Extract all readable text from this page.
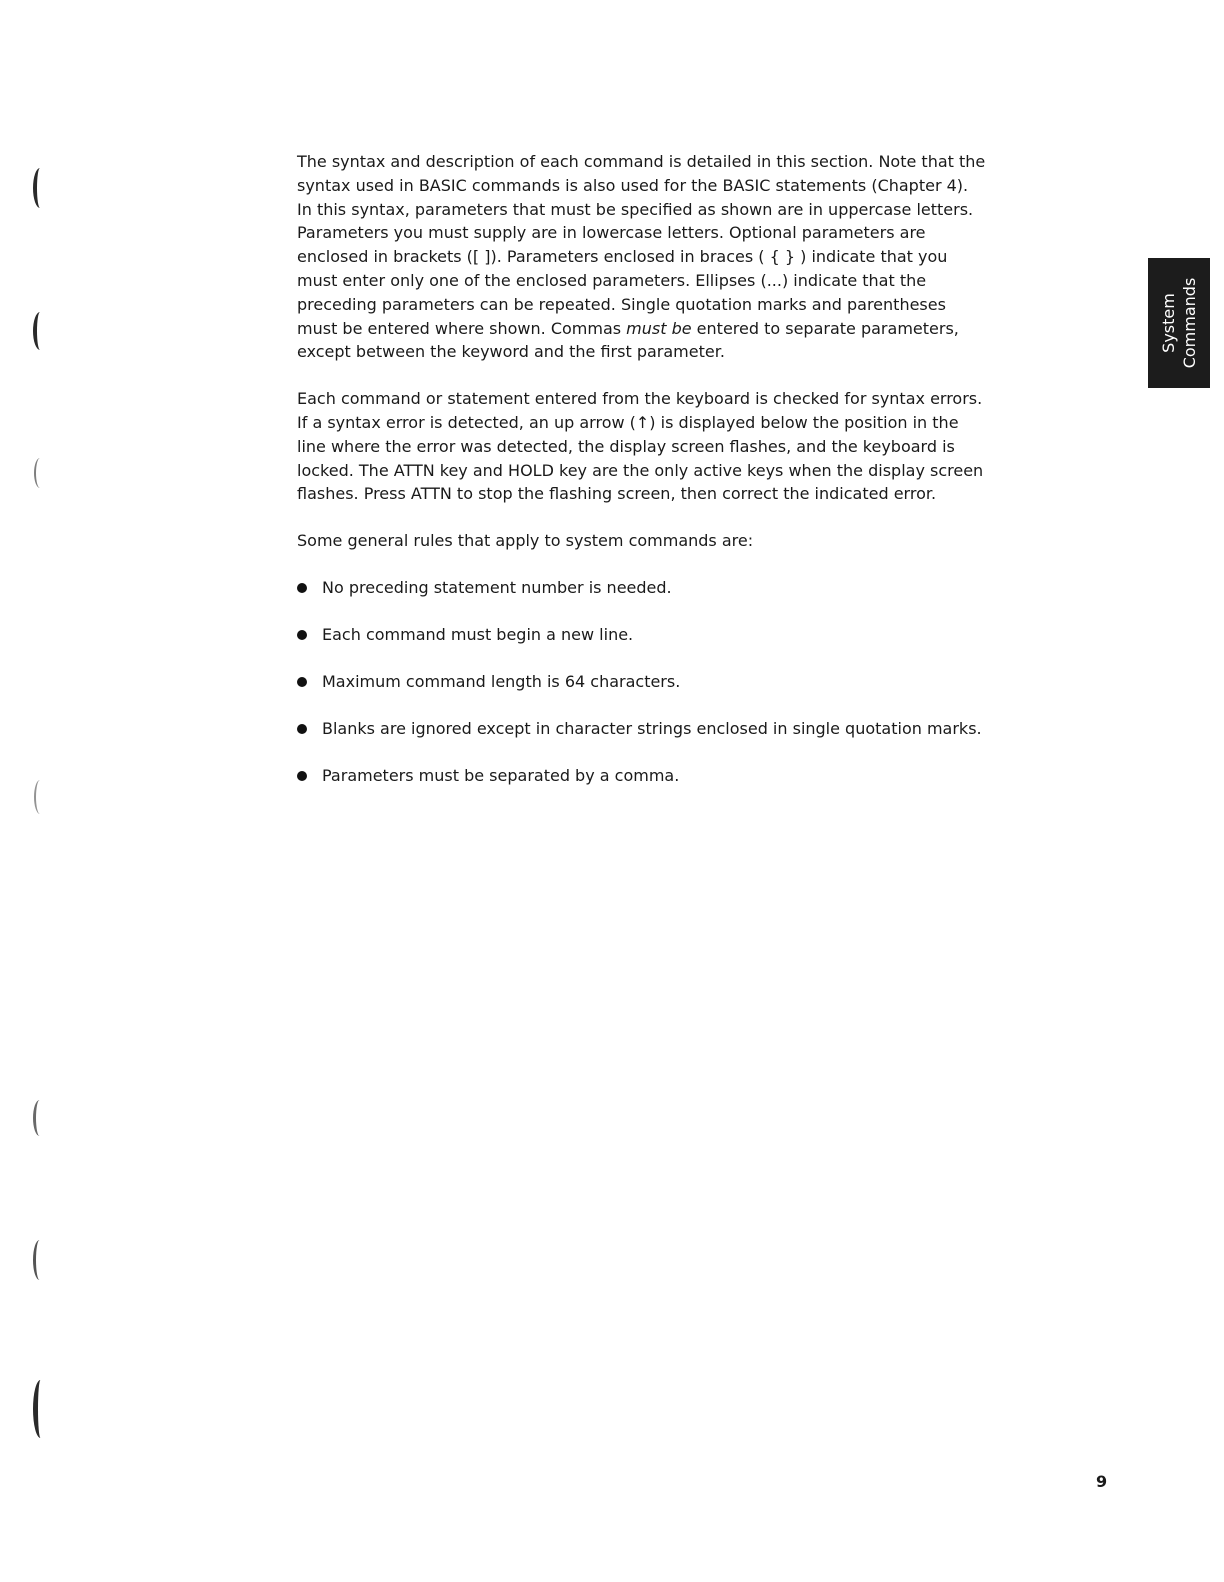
The syntax and description of each command is detailed in this section. Note that the syntax used in BASIC commands is also used for the BASIC statements (Chapter 4). In this syntax, parameters that must be specified as shown are in uppercase letters. Parameters you must supply are in lowercase letters. Optional parameters are enclosed in brackets ([ ]). Parameters enclosed in braces ( { } ) indicate that you must enter only one of the enclosed parameters. Ellipses (...) indicate that the preceding parameters can be repeated. Single quotation marks and parentheses must be entered where shown. Commas must be entered to separate parameters, except between the keyword and the first parameter.

Each command or statement entered from the keyboard is checked for syntax errors. If a syntax error is detected, an up arrow (↑) is displayed below the position in the line where the error was detected, the display screen flashes, and the keyboard is locked. The ATTN key and HOLD key are the only active keys when the display screen flashes. Press ATTN to stop the flashing screen, then correct the indicated error.

Some general rules that apply to system commands are:

No preceding statement number is needed.
Each command must begin a new line.
Maximum command length is 64 characters.
Blanks are ignored except in character strings enclosed in single quotation marks.
Parameters must be separated by a comma.
System
Commands
9
